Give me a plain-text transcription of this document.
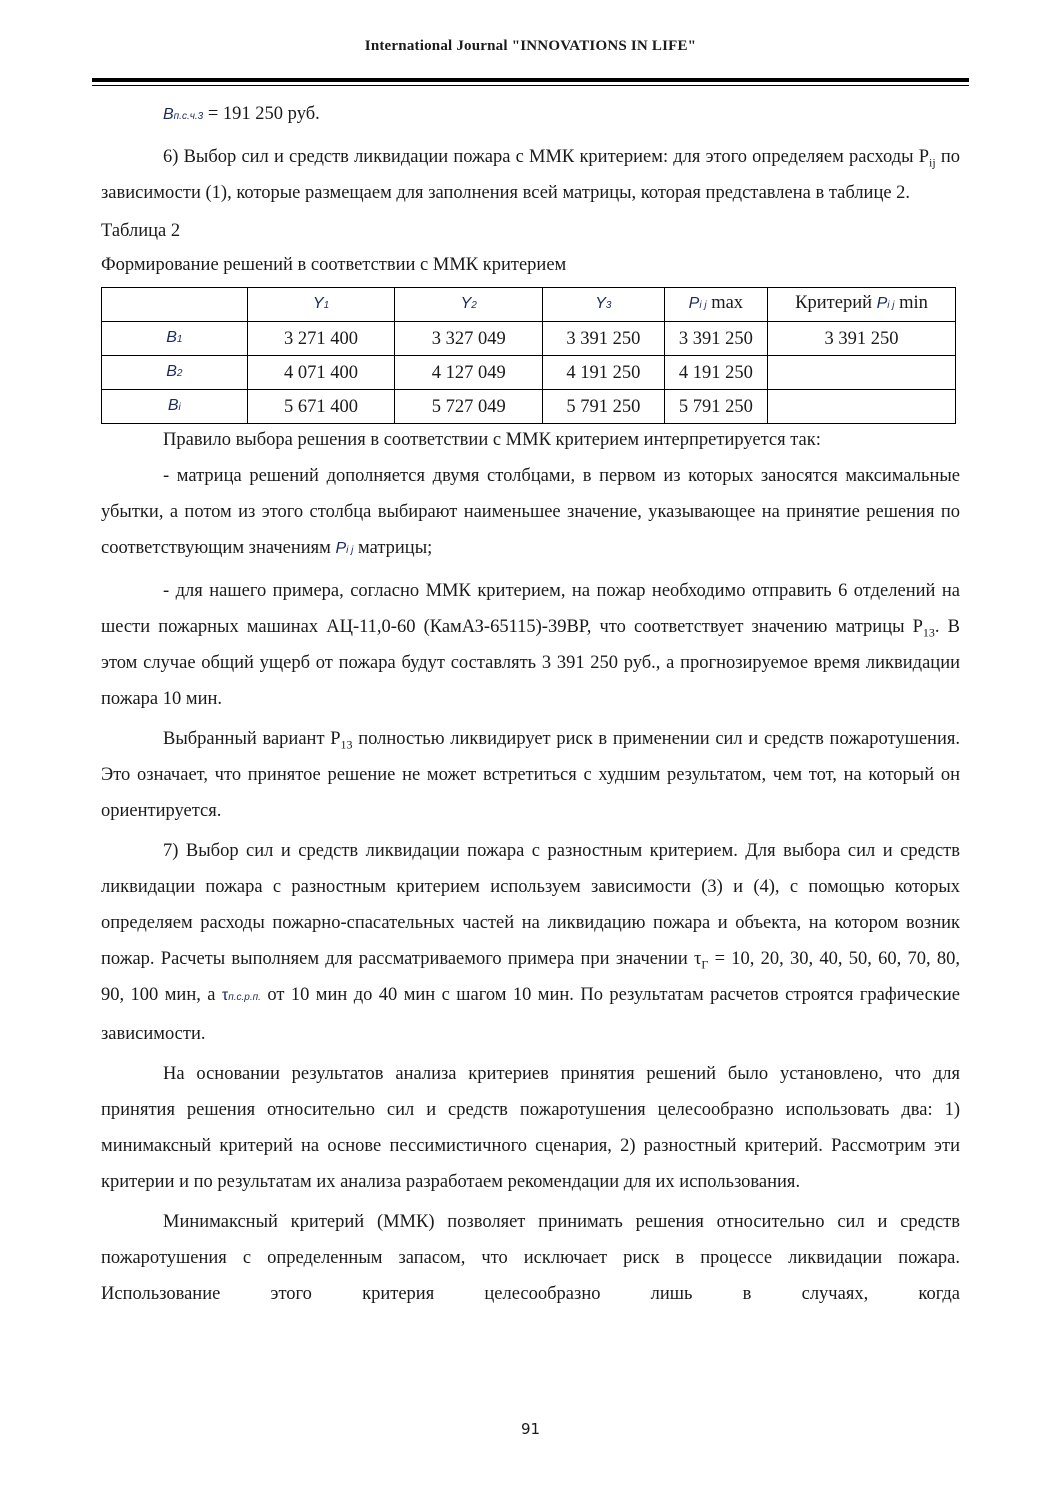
International Journal "INNOVATIONS IN LIFE"

Bп.с.ч.3 = 191 250 руб.

6) Выбор сил и средств ликвидации пожара с ММК критерием: для этого определяем расходы $P_{ij}$ по зависимости (1), которые размещаем для заполнения всей матрицы, которая представлена в таблице 2.

Таблица 2

Формирование решений в соответствии с ММК критерием

	Y1	Y2	Y3	Pi j max	Критерий Pi j min
B1	3 271 400	3 327 049	3 391 250	3 391 250	3 391 250
B2	4 071 400	4 127 049	4 191 250	4 191 250	
Bi	5 671 400	5 727 049	5 791 250	5 791 250	

Правило выбора решения в соответствии с ММК критерием интерпретируется так:

- матрица решений дополняется двумя столбцами, в первом из которых заносятся максимальные убытки, а потом из этого столбца выбирают наименьшее значение, указывающее на принятие решения по соответствующим значениям Pi j матрицы;

- для нашего примера, согласно ММК критерием, на пожар необходимо отправить 6 отделений на шести пожарных машинах АЦ-11,0-60 (КамАЗ-65115)-39ВР, что соответствует значению матрицы $P_{13}$. В этом случае общий ущерб от пожара будут составлять 3 391 250 руб., а прогнозируемое время ликвидации пожара 10 мин.

Выбранный вариант $P_{13}$ полностью ликвидирует риск в применении сил и средств пожаротушения. Это означает, что принятое решение не может встретиться с худшим результатом, чем тот, на который он ориентируется.

7) Выбор сил и средств ликвидации пожара с разностным критерием. Для выбора сил и средств ликвидации пожара с разностным критерием используем зависимости (3) и (4), с помощью которых определяем расходы пожарно-спасательных частей на ликвидацию пожара и объекта, на котором возник пожар. Расчеты выполняем для рассматриваемого примера при значении $\tau_Г = 10$, 20, 30, 40, 50, 60, 70, 80, 90, 100 мин, а τп.с.р.п. от 10 мин до 40 мин с шагом 10 мин. По результатам расчетов строятся графические зависимости.

На основании результатов анализа критериев принятия решений было установлено, что для принятия решения относительно сил и средств пожаротушения целесообразно использовать два: 1) минимаксный критерий на основе пессимистичного сценария, 2) разностный критерий. Рассмотрим эти критерии и по результатам их анализа разработаем рекомендации для их использования.

Минимаксный критерий (ММК) позволяет принимать решения относительно сил и средств пожаротушения с определенным запасом, что исключает риск в процессе ликвидации пожара. Использование этого критерия целесообразно лишь в случаях, когда

91
